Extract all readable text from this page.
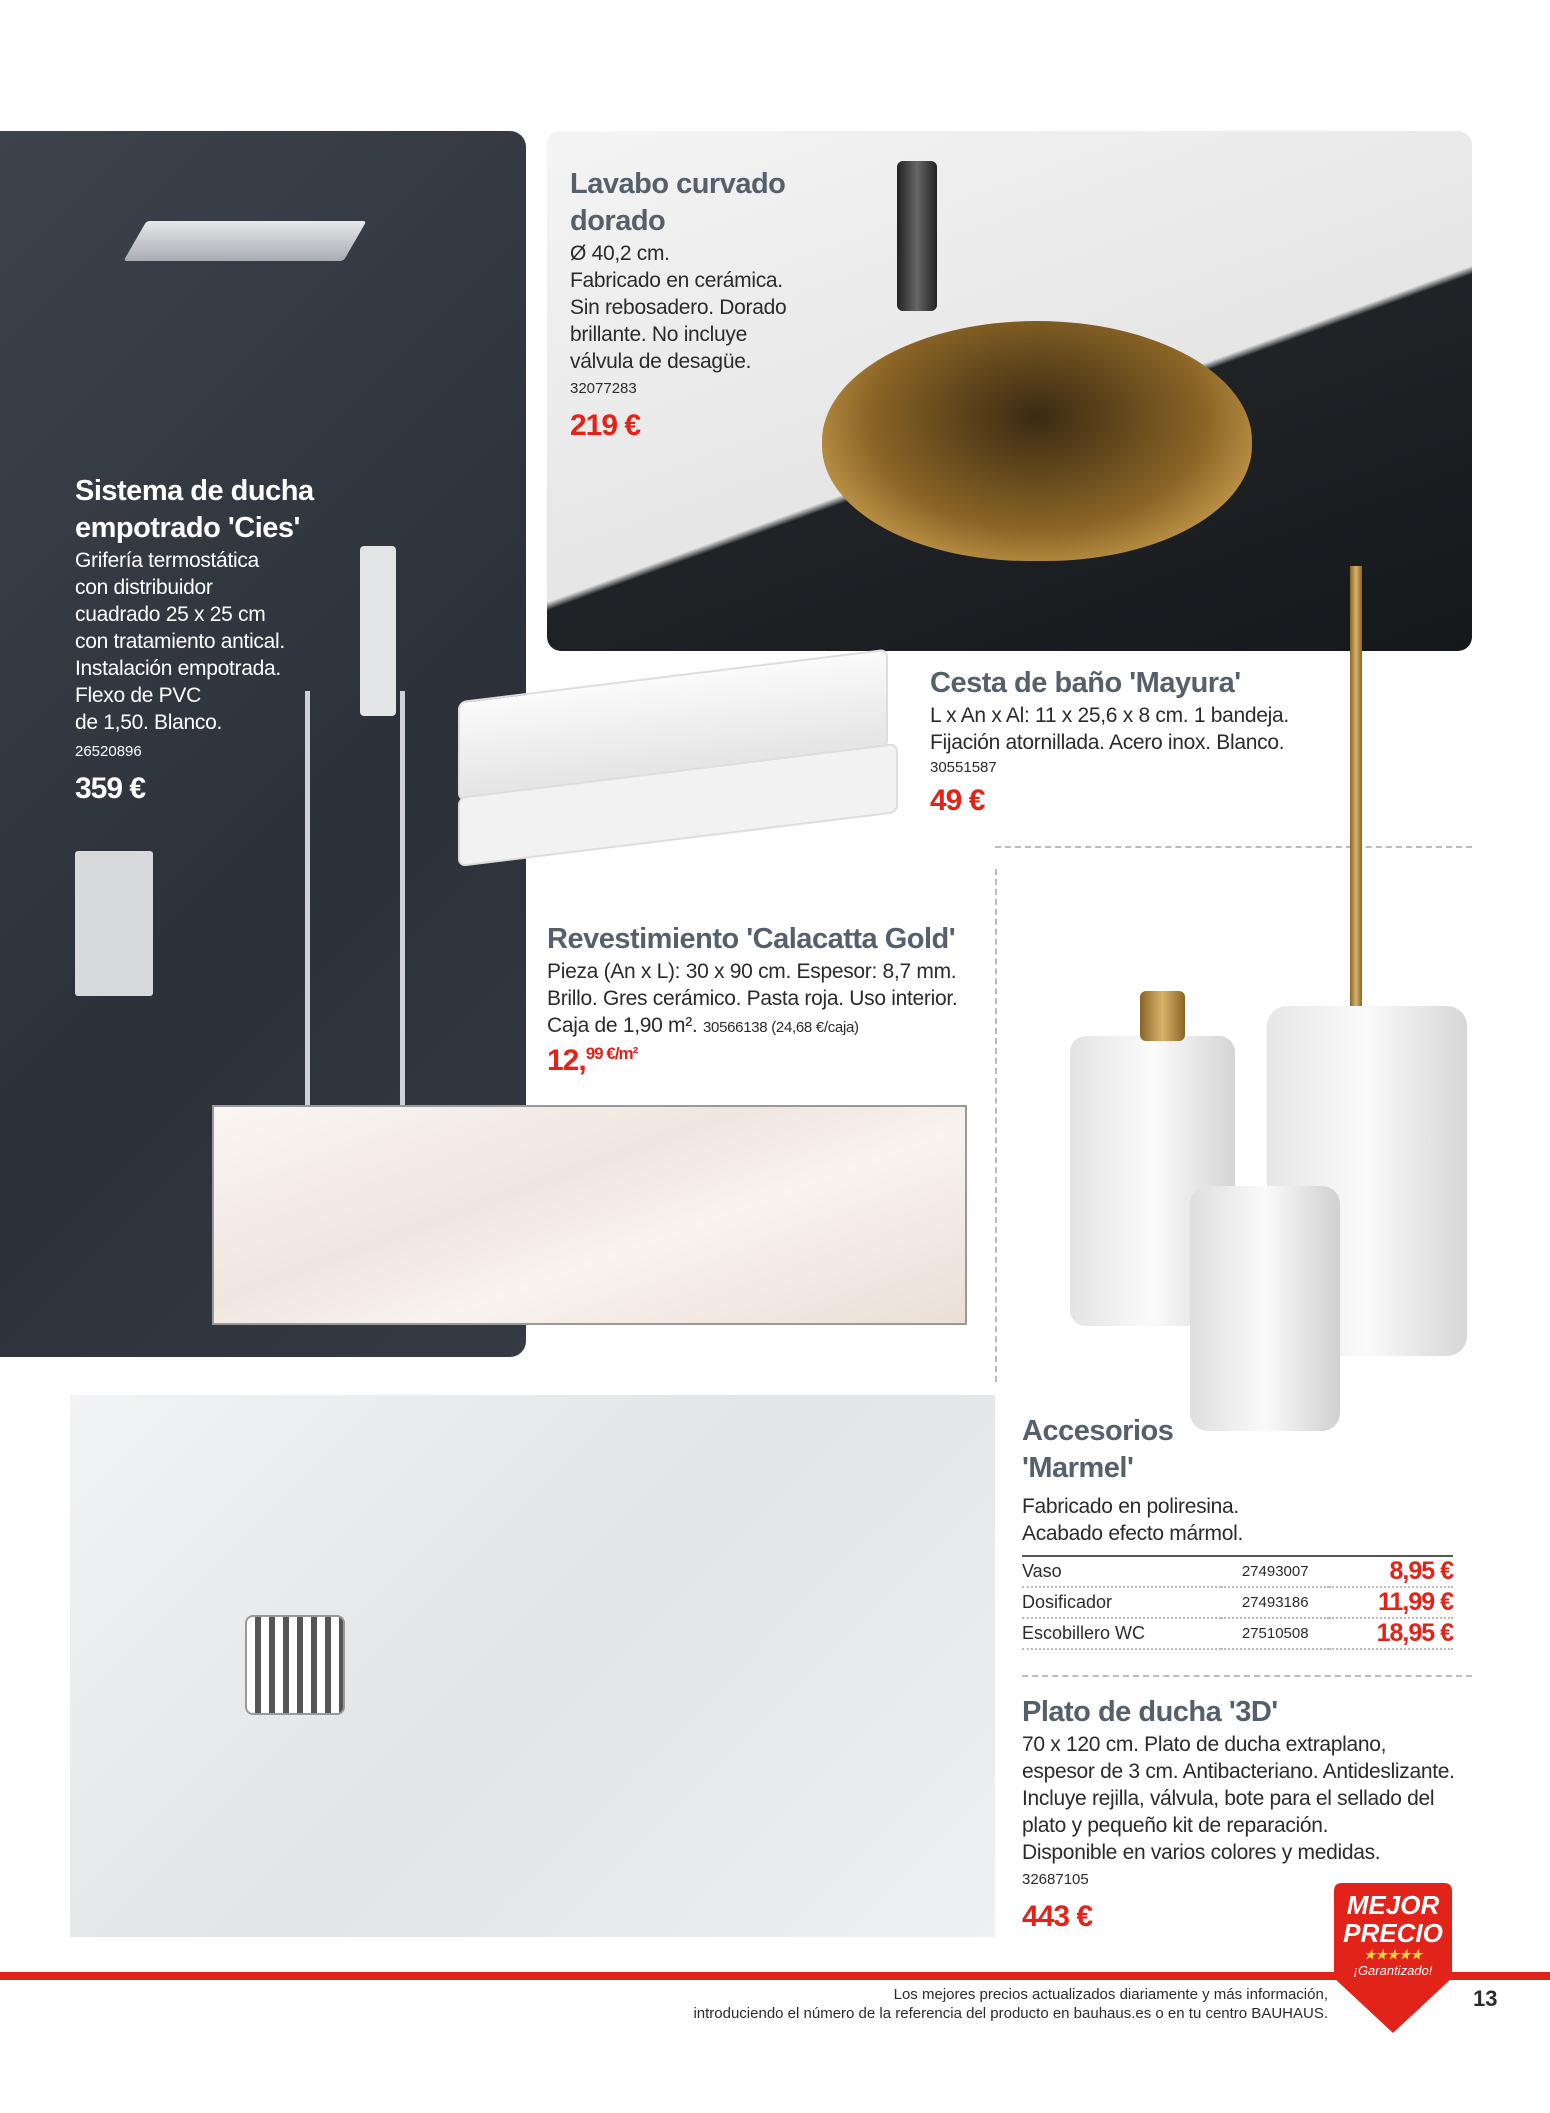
Sistema de ducha
empotrado 'Cies'
Grifería termostática
con distribuidor
cuadrado 25 x 25 cm
con tratamiento antical.
Instalación empotrada.
Flexo de PVC
de 1,50. Blanco.
26520896
359 €
Lavabo curvado
dorado
Ø 40,2 cm.
Fabricado en cerámica.
Sin rebosadero. Dorado
brillante. No incluye
válvula de desagüe.
32077283
219 €
Cesta de baño 'Mayura'
L x An x Al: 11 x 25,6 x 8 cm. 1 bandeja.
Fijación atornillada. Acero inox. Blanco.
30551587
49 €
Revestimiento 'Calacatta Gold'
Pieza (An x L): 30 x 90 cm. Espesor: 8,7 mm.
Brillo. Gres cerámico. Pasta roja. Uso interior.
Caja de 1,90 m². 30566138 (24,68 €/caja)
12,$^{99 €/m^2}$
Accesorios
'Marmel'
Fabricado en poliresina.
Acabado efecto mármol.
Vaso	27493007	8,95 €
Dosificador	27493186	11,99 €
Escobillero WC	27510508	18,95 €
Plato de ducha '3D'
70 x 120 cm. Plato de ducha extraplano,
espesor de 3 cm. Antibacteriano. Antideslizante.
Incluye rejilla, válvula, bote para el sellado del
plato y pequeño kit de reparación.
Disponible en varios colores y medidas.
32687105
443 €
Los mejores precios actualizados diariamente y más información,
introduciendo el número de la referencia del producto en bauhaus.es o en tu centro BAUHAUS.
13
MEJOR
PRECIO
★★★★★
¡Garantizado!
